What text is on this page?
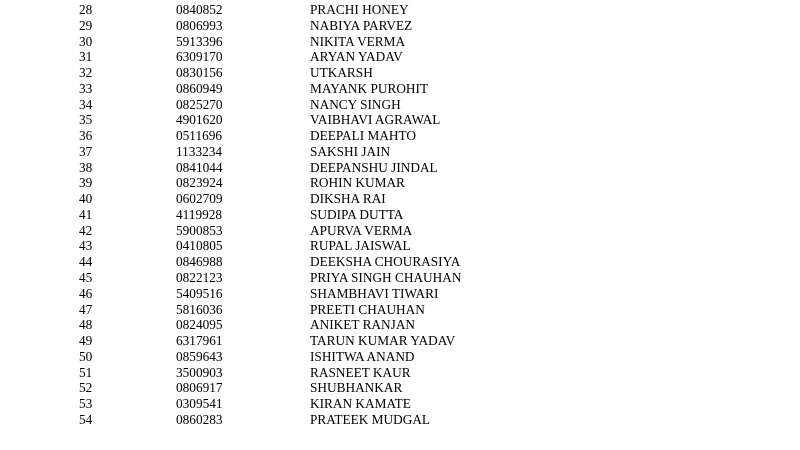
28	0840852	PRACHI HONEY
29	0806993	NABIYA PARVEZ
30	5913396	NIKITA VERMA
31	6309170	ARYAN YADAV
32	0830156	UTKARSH
33	0860949	MAYANK PUROHIT
34	0825270	NANCY SINGH
35	4901620	VAIBHAVI AGRAWAL
36	0511696	DEEPALI MAHTO
37	1133234	SAKSHI JAIN
38	0841044	DEEPANSHU JINDAL
39	0823924	ROHIN KUMAR
40	0602709	DIKSHA RAI
41	4119928	SUDIPA DUTTA
42	5900853	APURVA VERMA
43	0410805	RUPAL JAISWAL
44	0846988	DEEKSHA CHOURASIYA
45	0822123	PRIYA SINGH CHAUHAN
46	5409516	SHAMBHAVI TIWARI
47	5816036	PREETI CHAUHAN
48	0824095	ANIKET RANJAN
49	6317961	TARUN KUMAR YADAV
50	0859643	ISHITWA ANAND
51	3500903	RASNEET KAUR
52	0806917	SHUBHANKAR
53	0309541	KIRAN KAMATE
54	0860283	PRATEEK MUDGAL
